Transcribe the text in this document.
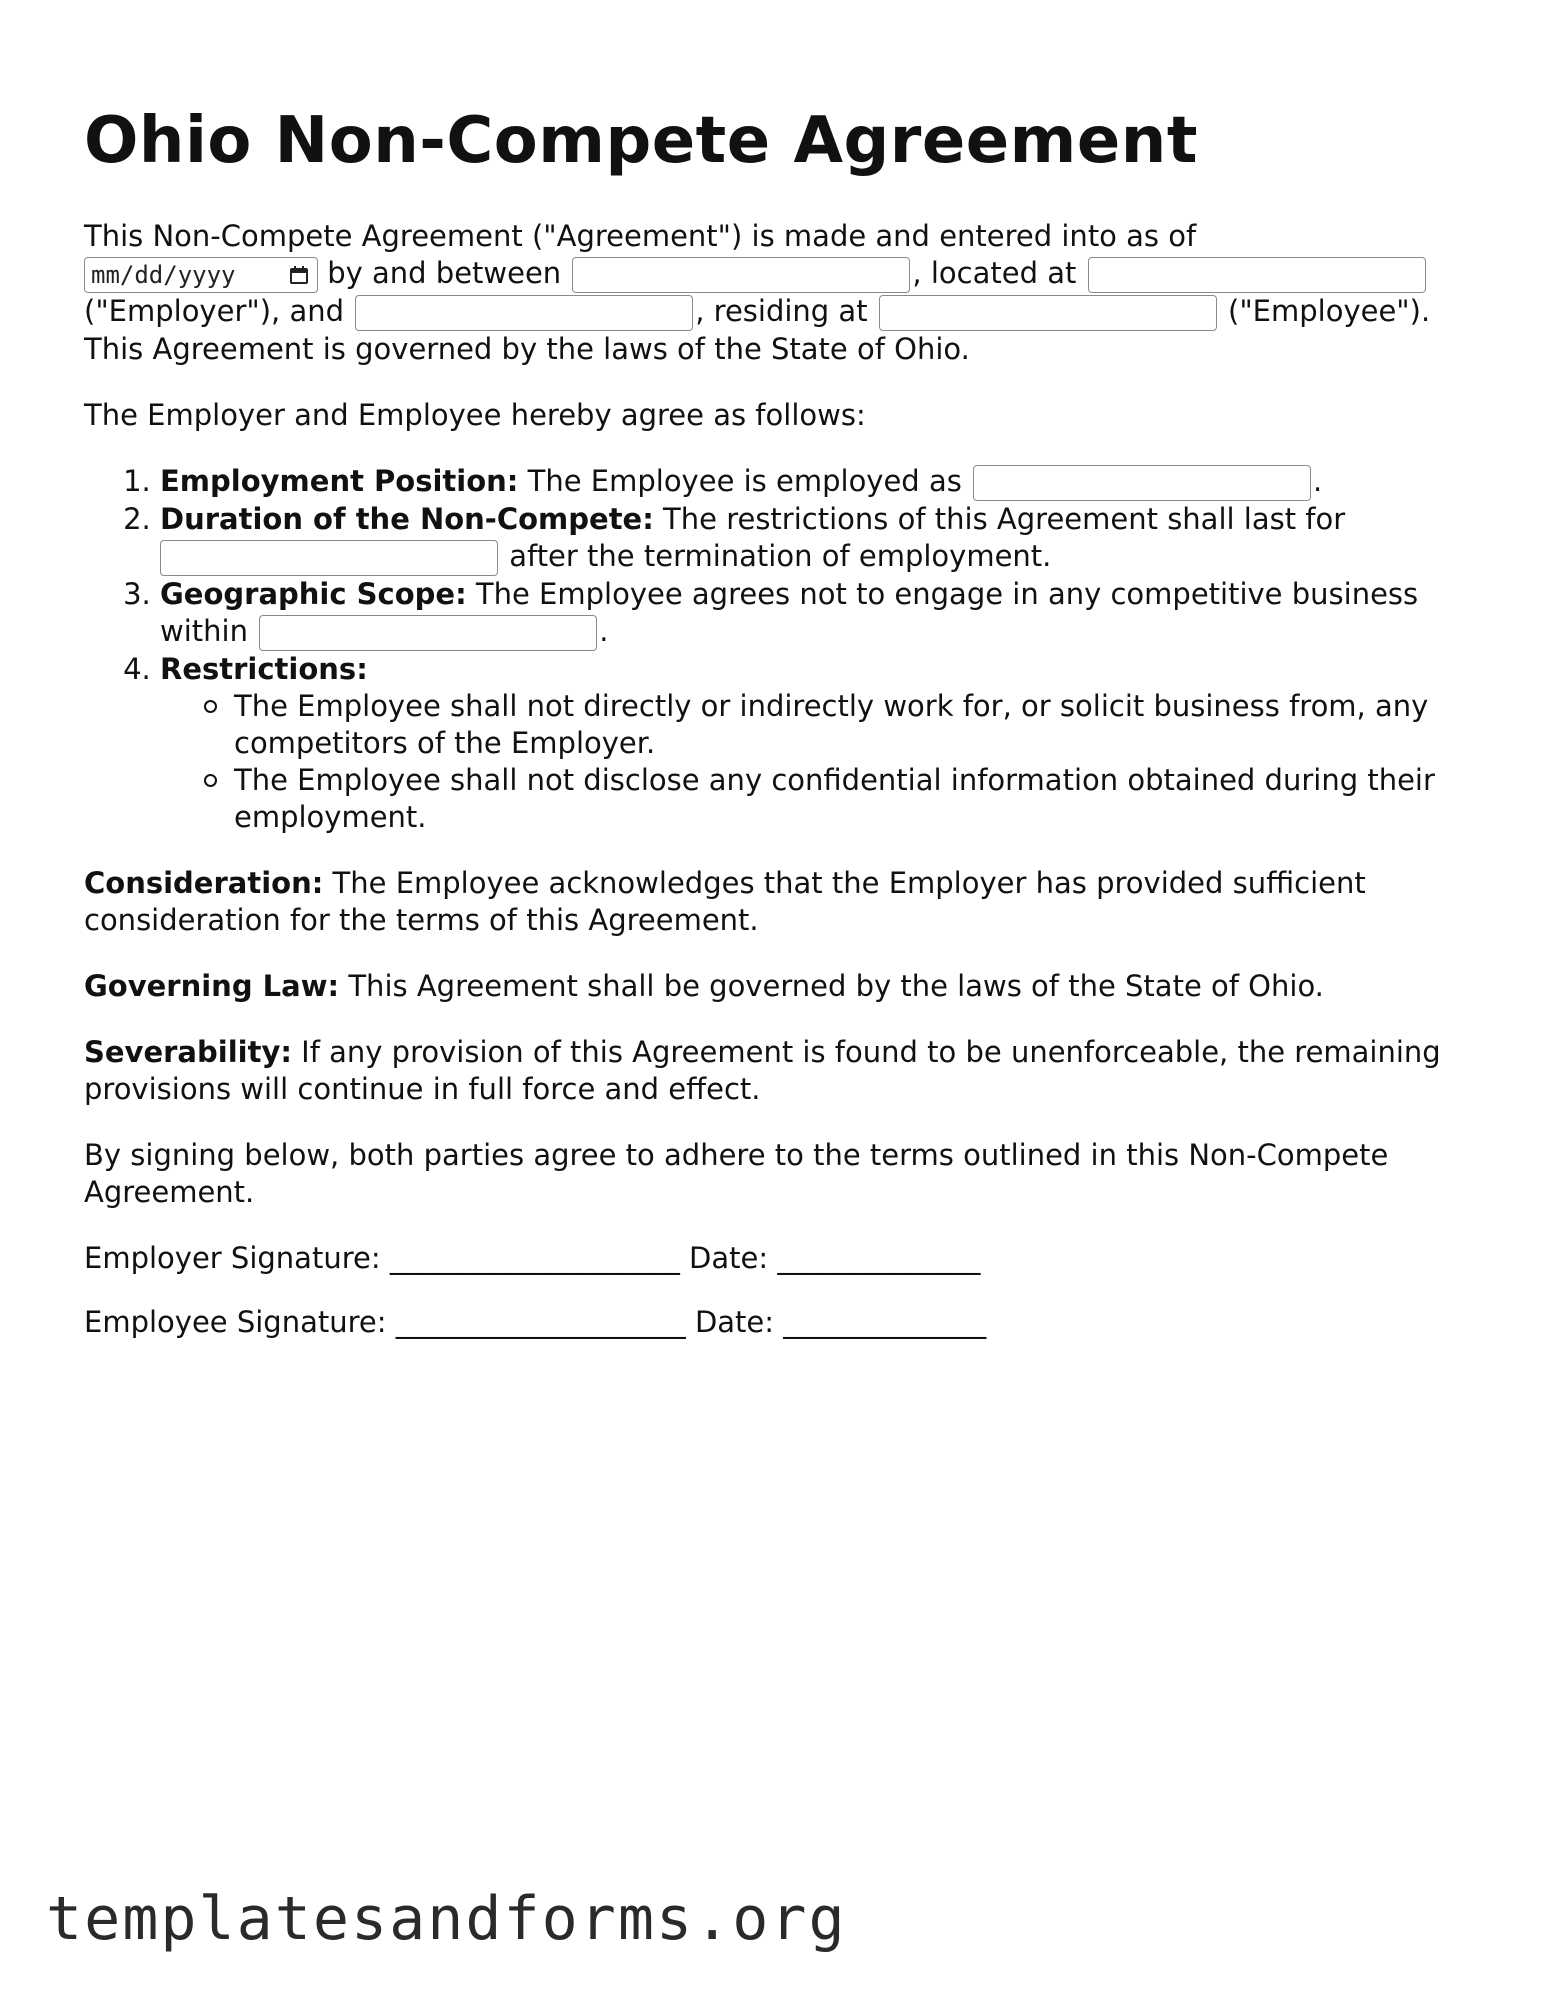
Ohio Non-Compete Agreement

This Non-Compete Agreement ("Agreement") is made and entered into as of

mm/dd/yyyy	by and between	, located at
("Employer"), and	, residing at	("Employee").
This Agreement is governed by the laws of the State of Ohio.

The Employer and Employee hereby agree as follows:

1. Employment Position: The Employee is employed as	.
2. Duration of the Non-Compete: The restrictions of this Agreement shall last for
after the termination of employment.
3. Geographic Scope: The Employee agrees not to engage in any competitive business within	.
4. Restrictions:
The Employee shall not directly or indirectly work for, or solicit business from, any competitors of the Employer.
The Employee shall not disclose any confidential information obtained during their employment.

Consideration: The Employee acknowledges that the Employer has provided sufficient consideration for the terms of this Agreement.

Governing Law: This Agreement shall be governed by the laws of the State of Ohio.

Severability: If any provision of this Agreement is found to be unenforceable, the remaining provisions will continue in full force and effect.

By signing below, both parties agree to adhere to the terms outlined in this Non-Compete Agreement.

Employer Signature: ____________________ Date: ______________

Employee Signature: ____________________ Date: ______________

templatesandforms.org
